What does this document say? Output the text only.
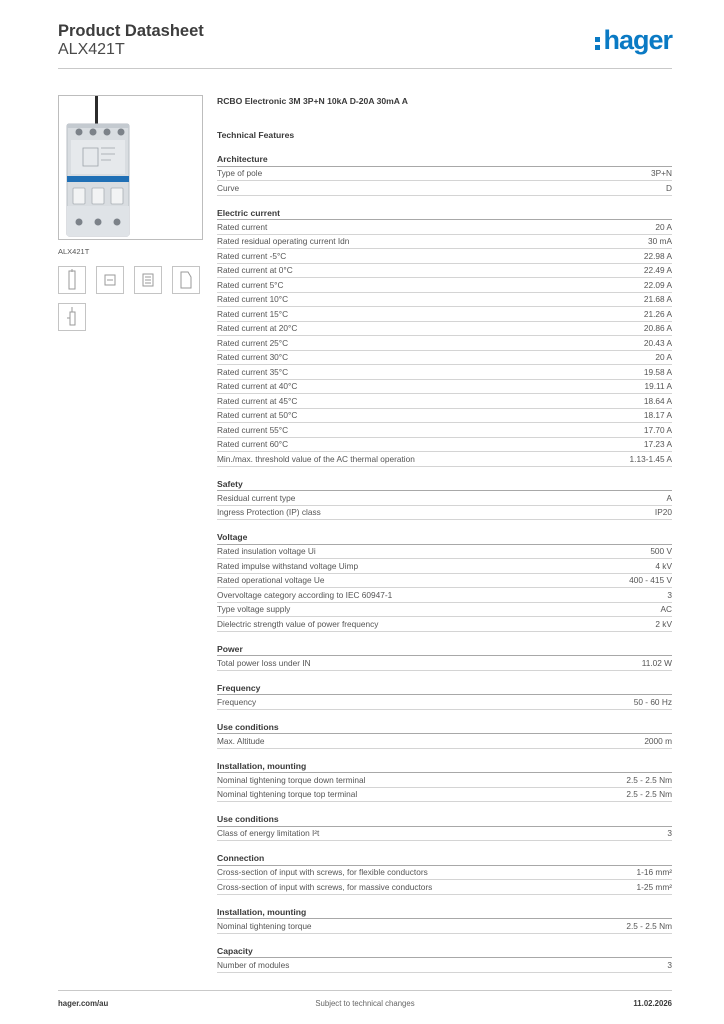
Product Datasheet
ALX421T	hager
ALX421T
RCBO Electronic 3M 3P+N 10kA D-20A 30mA A
Technical Features
Architecture
Type of pole	3P+N
Curve	D
Electric current
Rated current	20 A
Rated residual operating current Idn	30 mA
Rated current -5°C	22.98 A
Rated current at 0°C	22.49 A
Rated current 5°C	22.09 A
Rated current 10°C	21.68 A
Rated current 15°C	21.26 A
Rated current at 20°C	20.86 A
Rated current 25°C	20.43 A
Rated current 30°C	20 A
Rated current 35°C	19.58 A
Rated current at 40°C	19.11 A
Rated current at 45°C	18.64 A
Rated current at 50°C	18.17 A
Rated current 55°C	17.70 A
Rated current 60°C	17.23 A
Min./max. threshold value of the AC thermal operation	1.13-1.45 A
Safety
Residual current type	A
Ingress Protection (IP) class	IP20
Voltage
Rated insulation voltage Ui	500 V
Rated impulse withstand voltage Uimp	4 kV
Rated operational voltage Ue	400 - 415 V
Overvoltage category according to IEC 60947-1	3
Type voltage supply	AC
Dielectric strength value of power frequency	2 kV
Power
Total power loss under IN	11.02 W
Frequency
Frequency	50 - 60 Hz
Use conditions
Max. Altitude	2000 m
Installation, mounting
Nominal tightening torque down terminal	2.5 - 2.5 Nm
Nominal tightening torque top terminal	2.5 - 2.5 Nm
Use conditions
Class of energy limitation I²t	3
Connection
Cross-section of input with screws, for flexible conductors	1-16 mm²
Cross-section of input with screws, for massive conductors	1-25 mm²
Installation, mounting
Nominal tightening torque	2.5 - 2.5 Nm
Capacity
Number of modules	3
hager.com/au	Subject to technical changes	11.02.2026
